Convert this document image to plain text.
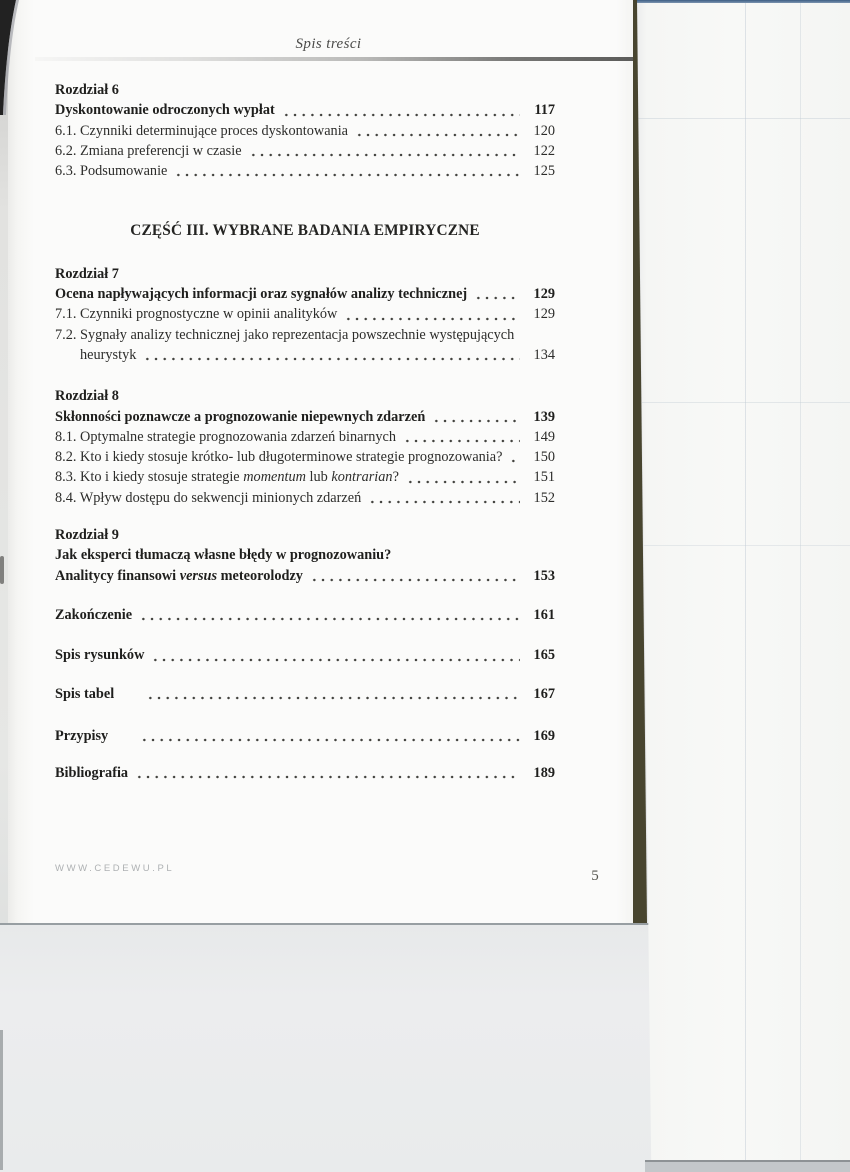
Spis treści
Rozdział 6
Dyskontowanie odroczonych wypłat	117
6.1. Czynniki determinujące proces dyskontowania	120
6.2. Zmiana preferencji w czasie	122
6.3. Podsumowanie	125
CZĘŚĆ III. WYBRANE BADANIA EMPIRYCZNE
Rozdział 7
Ocena napływających informacji oraz sygnałów analizy technicznej	129
7.1. Czynniki prognostyczne w opinii analityków	129
7.2. Sygnały analizy technicznej jako reprezentacja powszechnie występujących
heurystyk	134
Rozdział 8
Skłonności poznawcze a prognozowanie niepewnych zdarzeń	139
8.1. Optymalne strategie prognozowania zdarzeń binarnych	149
8.2. Kto i kiedy stosuje krótko- lub długoterminowe strategie prognozowania?	150
8.3. Kto i kiedy stosuje strategie momentum lub kontrarian?	151
8.4. Wpływ dostępu do sekwencji minionych zdarzeń	152
Rozdział 9
Jak eksperci tłumaczą własne błędy w prognozowaniu?
Analitycy finansowi versus meteorolodzy	153
Zakończenie	161
Spis rysunków	165
Spis tabel	167
Przypisy	169
Bibliografia	189
WWW.CEDEWU.PL	5
